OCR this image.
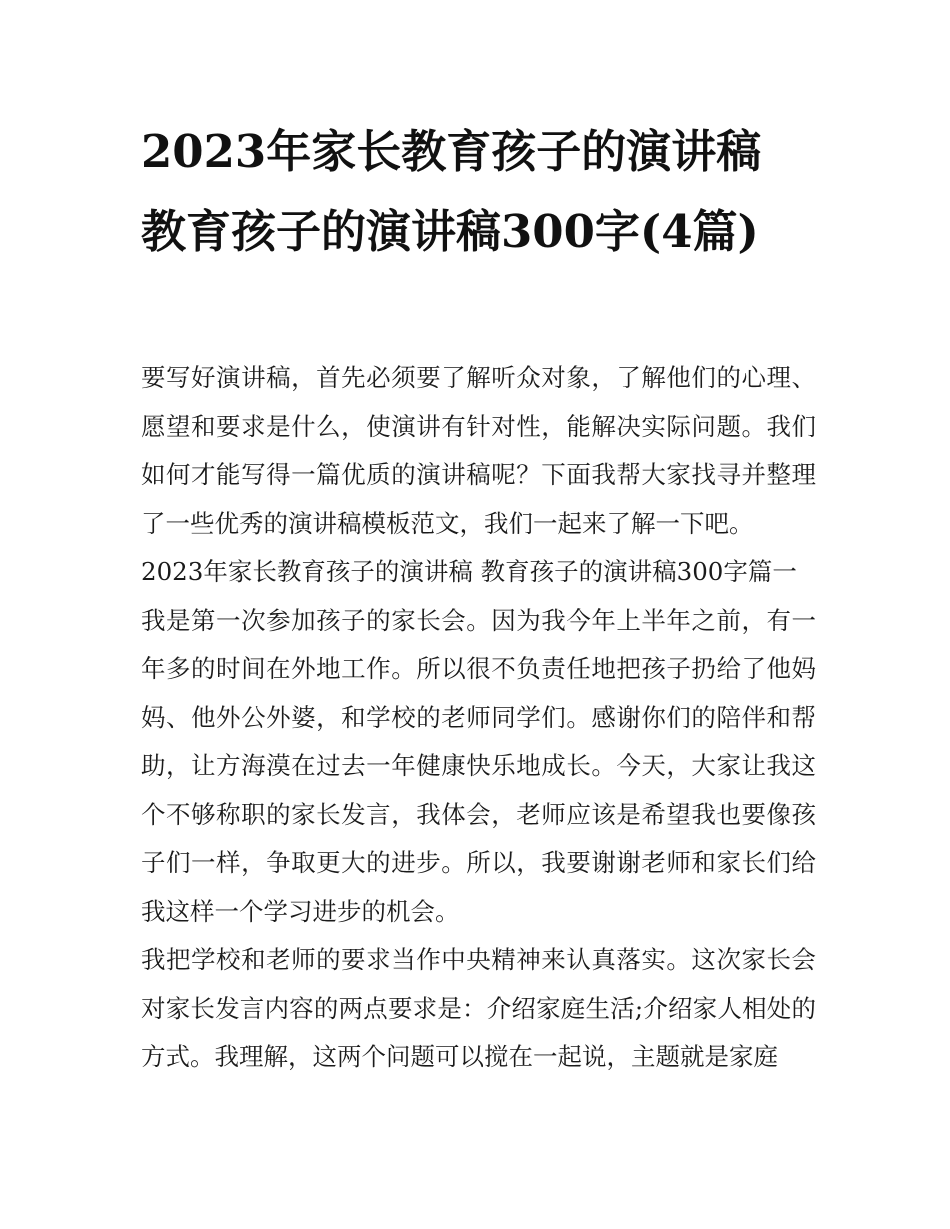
2023年家长教育孩子的演讲稿 教育孩子的演讲稿300字(4篇)

要写好演讲稿，首先必须要了解听众对象，了解他们的心理、愿望和要求是什么，使演讲有针对性，能解决实际问题。我们如何才能写得一篇优质的演讲稿呢？下面我帮大家找寻并整理了一些优秀的演讲稿模板范文，我们一起来了解一下吧。

2023年家长教育孩子的演讲稿 教育孩子的演讲稿300字篇一

我是第一次参加孩子的家长会。因为我今年上半年之前，有一年多的时间在外地工作。所以很不负责任地把孩子扔给了他妈妈、他外公外婆，和学校的老师同学们。感谢你们的陪伴和帮助，让方海漠在过去一年健康快乐地成长。今天，大家让我这个不够称职的家长发言，我体会，老师应该是希望我也要像孩子们一样，争取更大的进步。所以，我要谢谢老师和家长们给我这样一个学习进步的机会。

我把学校和老师的要求当作中央精神来认真落实。这次家长会对家长发言内容的两点要求是：介绍家庭生活;介绍家人相处的方式。我理解，这两个问题可以搅在一起说，主题就是家庭
